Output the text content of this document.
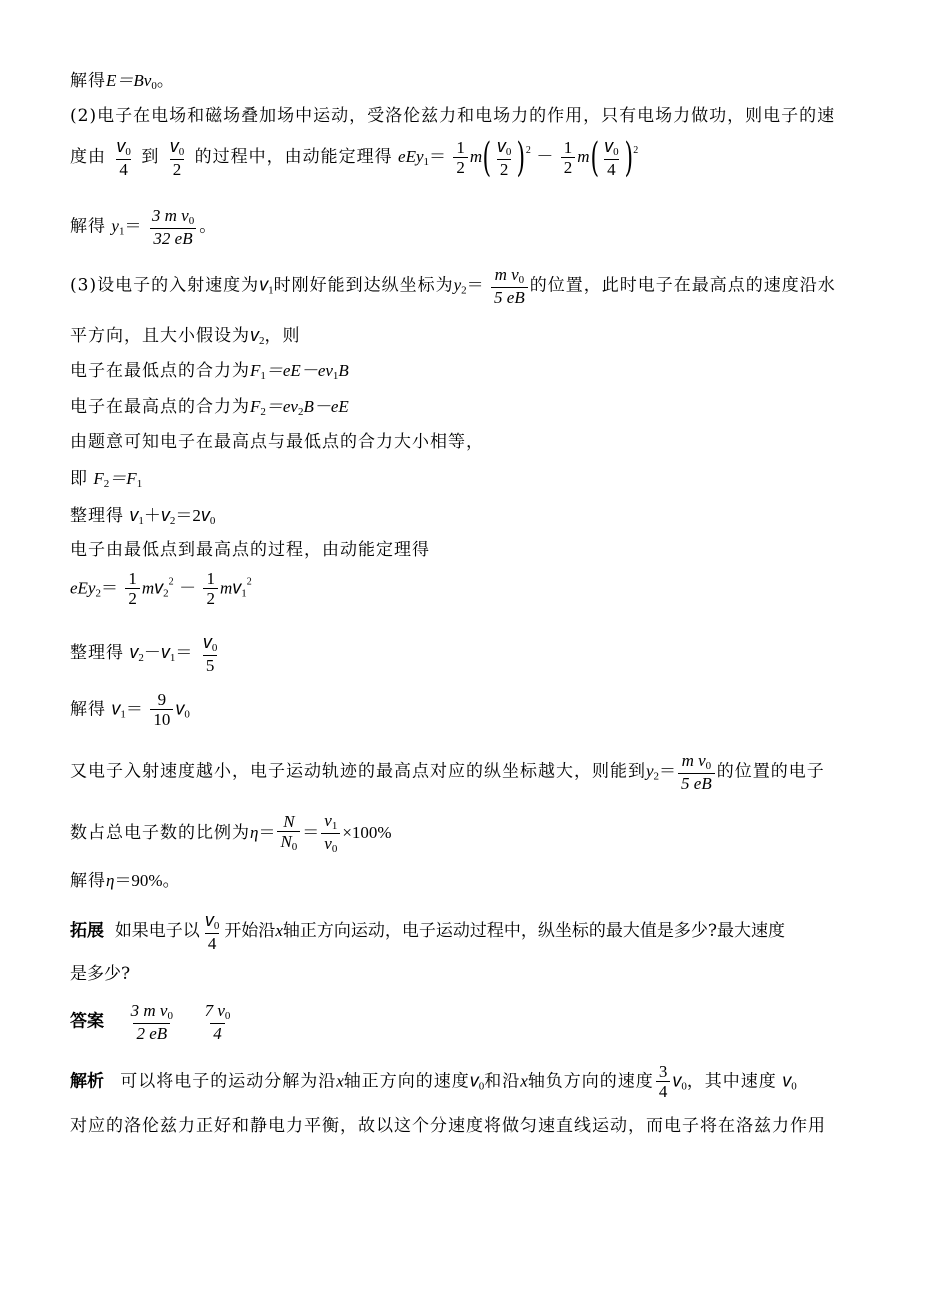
解得$E=Bv_0$。
(2)电子在电场和磁场叠加场中运动，受洛伦兹力和电场力的作用，只有电场力做功，则电子的速
度由 $\frac{v_0}{4}$ 到 $\frac{v_0}{2}$ 的过程中，由动能定理得 $eEy_1= \frac{1}{2} m( \frac{v_0}{2} )^2 - \frac{1}{2} m( \frac{v_0}{4} )^2$
解得 $y_1= \frac{3 m v_0}{32 eB}$ 。
(3)设电子的入射速度为$v_1$时刚好能到达纵坐标为$y_2= \frac{m v_0}{5 eB}$ 的位置，此时电子在最高点的速度沿水
平方向，且大小假设为$v_2$，则
电子在最低点的合力为$F_1=eE-ev_1B$
电子在最高点的合力为$F_2=ev_2B-eE$
由题意可知电子在最高点与最低点的合力大小相等，
即 $F_2=F_1$
整理得 $v_1+v_2=2v_0$
电子由最低点到最高点的过程，由动能定理得
$eEy_2= \frac{1}{2} mv_2^2 - \frac{1}{2} mv_1^2$
整理得 $v_2-v_1= \frac{v_0}{5}$
解得 $v_1= \frac{9}{10} v_0$
又电子入射速度越小，电子运动轨迹的最高点对应的纵坐标越大，则能到$y_2= \frac{m v_0}{5 eB}$ 的位置的电子
数占总电子数的比例为$\eta= \frac{N}{N_0} = \frac{v_1}{v_0} \times 100\%$
解得η＝90%。
拓展 如果电子以 $\frac{v_0}{4}$ 开始沿x轴正方向运动，电子运动过程中，纵坐标的最大值是多少?最大速度
是多少?
答案 $\frac{3 m v_0}{2 eB}$
$\frac{7 v_0}{4}$
解析 可以将电子的运动分解为沿x轴正方向的速度$v_0$和沿x轴负方向的速度 $\frac{3}{4} v_0$，其中速度 $v_0$
对应的洛伦兹力正好和静电力平衡，故以这个分速度将做匀速直线运动，而电子将在洛兹力作用
